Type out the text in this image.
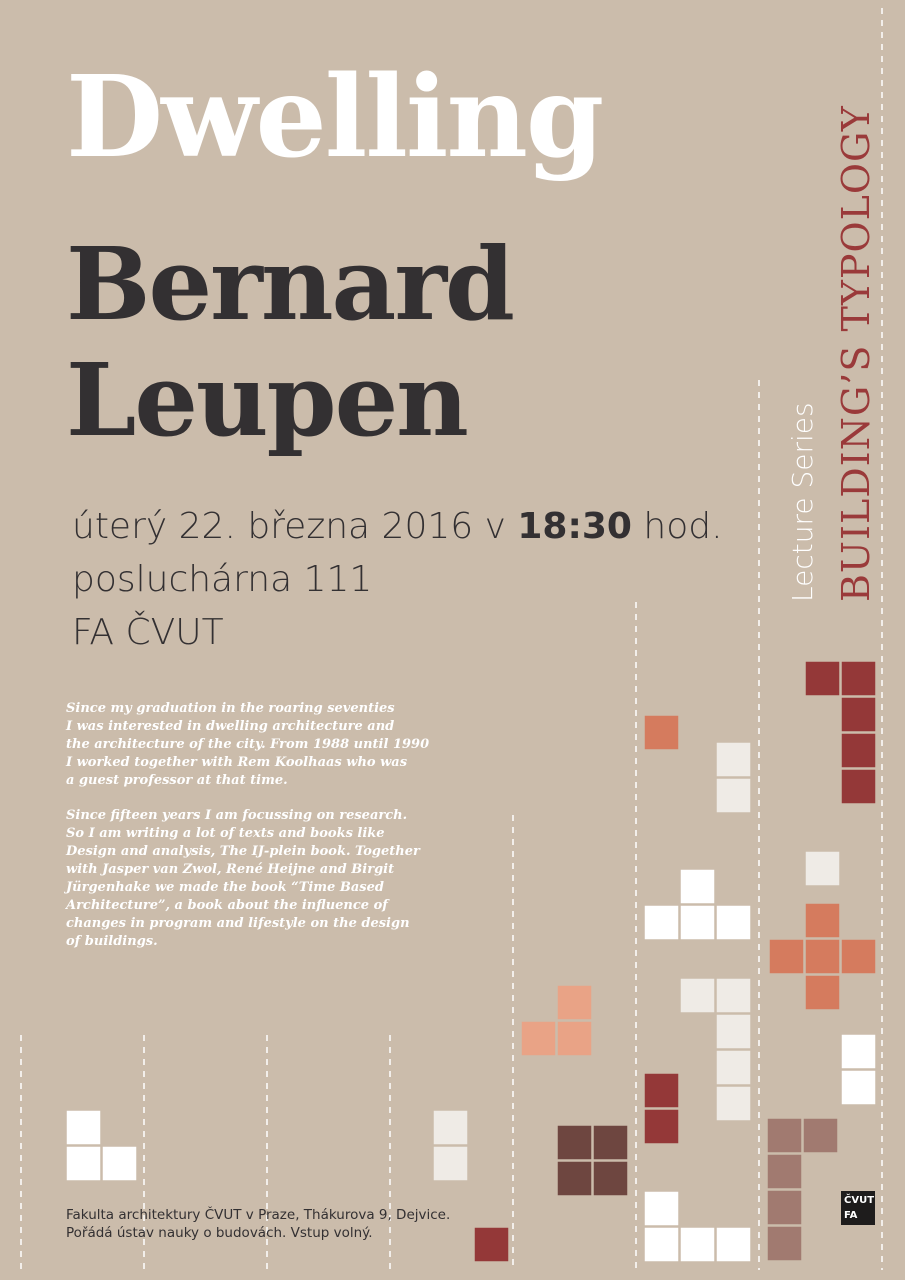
Dwelling
Bernard
Leupen
úterý 22. března 2016 v 18:30 hod.
posluchárna 111
FA ČVUT

Since my graduation in the roaring seventies
I was interested in dwelling architecture and
the architecture of the city. From 1988 until 1990
I worked together with Rem Koolhaas who was
a guest professor at that time.

Since fifteen years I am focussing on research.
So I am writing a lot of texts and books like
Design and analysis, The IJ-plein book. Together
with Jasper van Zwol, René Heijne and Birgit
Jürgenhake we made the book “Time Based
Architecture”, a book about the influence of
changes in program and lifestyle on the design
of buildings.

Lecture Series BUILDING’S TYPOLOGY
Fakulta architektury ČVUT v Praze, Thákurova 9, Dejvice.
Pořádá ústav nauky o budovách. Vstup volný.
ČVUT
FA
